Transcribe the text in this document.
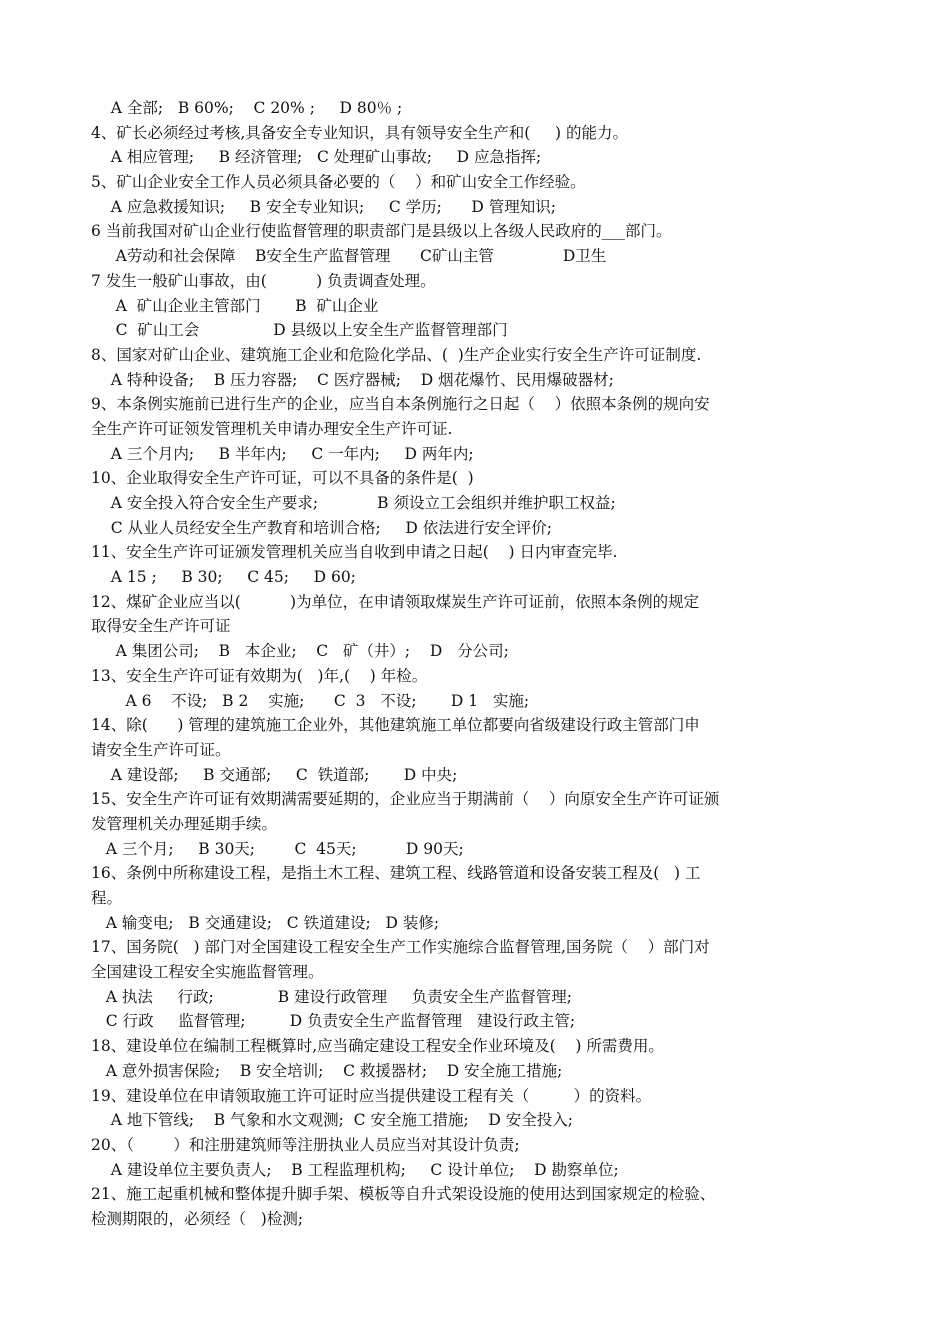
A 全部;   B 60%;    C 20% ;     D 80％ ;
4、矿长必须经过考核,具备安全专业知识，具有领导安全生产和(     ) 的能力。
A 相应管理;     B 经济管理;   C 处理矿山事故;     D 应急指挥;
5、矿山企业安全工作人员必须具备必要的（    ）和矿山安全工作经验。
A 应急救援知识;     B 安全专业知识;     C 学历;      D 管理知识;
6 当前我国对矿山企业行使监督管理的职责部门是县级以上各级人民政府的___部门。
A劳动和社会保障    B安全生产监督管理      C矿山主管              D卫生
7 发生一般矿山事故，由(          ) 负责调查处理。
A  矿山企业主管部门       B  矿山企业
C  矿山工会               D 县级以上安全生产监督管理部门
8、国家对矿山企业、建筑施工企业和危险化学品、(  )生产企业实行安全生产许可证制度.
A 特种设备;    B 压力容器;    C 医疗器械;    D 烟花爆竹、民用爆破器材;
9、本条例实施前已进行生产的企业，应当自本条例施行之日起（    ）依照本条例的规向安
全生产许可证领发管理机关申请办理安全生产许可证.
A 三个月内;     B 半年内;     C 一年内;     D 两年内;
10、企业取得安全生产许可证，可以不具备的条件是(  )
A 安全投入符合安全生产要求;            B 须设立工会组织并维护职工权益;
C 从业人员经安全生产教育和培训合格;     D 依法进行安全评价;
11、安全生产许可证颁发管理机关应当自收到申请之日起(    ) 日内审查完毕.
A 15 ;     B 30;     C 45;     D 60;
12、煤矿企业应当以(          )为单位，在申请领取煤炭生产许可证前，依照本条例的规定
取得安全生产许可证
A 集团公司;    B   本企业;    C   矿（井）;    D   分公司;
13、安全生产许可证有效期为(   )年,(    ) 年检。
A 6    不设;   B 2    实施;      C  3   不设;       D 1   实施;
14、除(      ) 管理的建筑施工企业外，其他建筑施工单位都要向省级建设行政主管部门申
请安全生产许可证。
A 建设部;     B 交通部;     C  铁道部;       D 中央;
15、安全生产许可证有效期满需要延期的，企业应当于期满前（    ）向原安全生产许可证颁
发管理机关办理延期手续。
A 三个月;     B 30天;        C  45天;          D 90天;
16、条例中所称建设工程，是指土木工程、建筑工程、线路管道和设备安装工程及(   ) 工
程。
A 输变电;   B 交通建设;   C 铁道建设;   D 装修;
17、国务院(   ) 部门对全国建设工程安全生产工作实施综合监督管理,国务院（    ）部门对
全国建设工程安全实施监督管理。
A 执法     行政;             B 建设行政管理     负责安全生产监督管理;
C 行政     监督管理;         D 负责安全生产监督管理   建设行政主管;
18、建设单位在编制工程概算时,应当确定建设工程安全作业环境及(    ) 所需费用。
A 意外损害保险;    B 安全培训;    C 救援器材;    D 安全施工措施;
19、建设单位在申请领取施工许可证时应当提供建设工程有关（         ）的资料。
A 地下管线;    B 气象和水文观测;  C 安全施工措施;    D 安全投入;
20、（        ）和注册建筑师等注册执业人员应当对其设计负责;
A 建设单位主要负责人;    B 工程监理机构;     C 设计单位;    D 勘察单位;
21、施工起重机械和整体提升脚手架、模板等自升式架设设施的使用达到国家规定的检验、
检测期限的，必须经（   )检测;
